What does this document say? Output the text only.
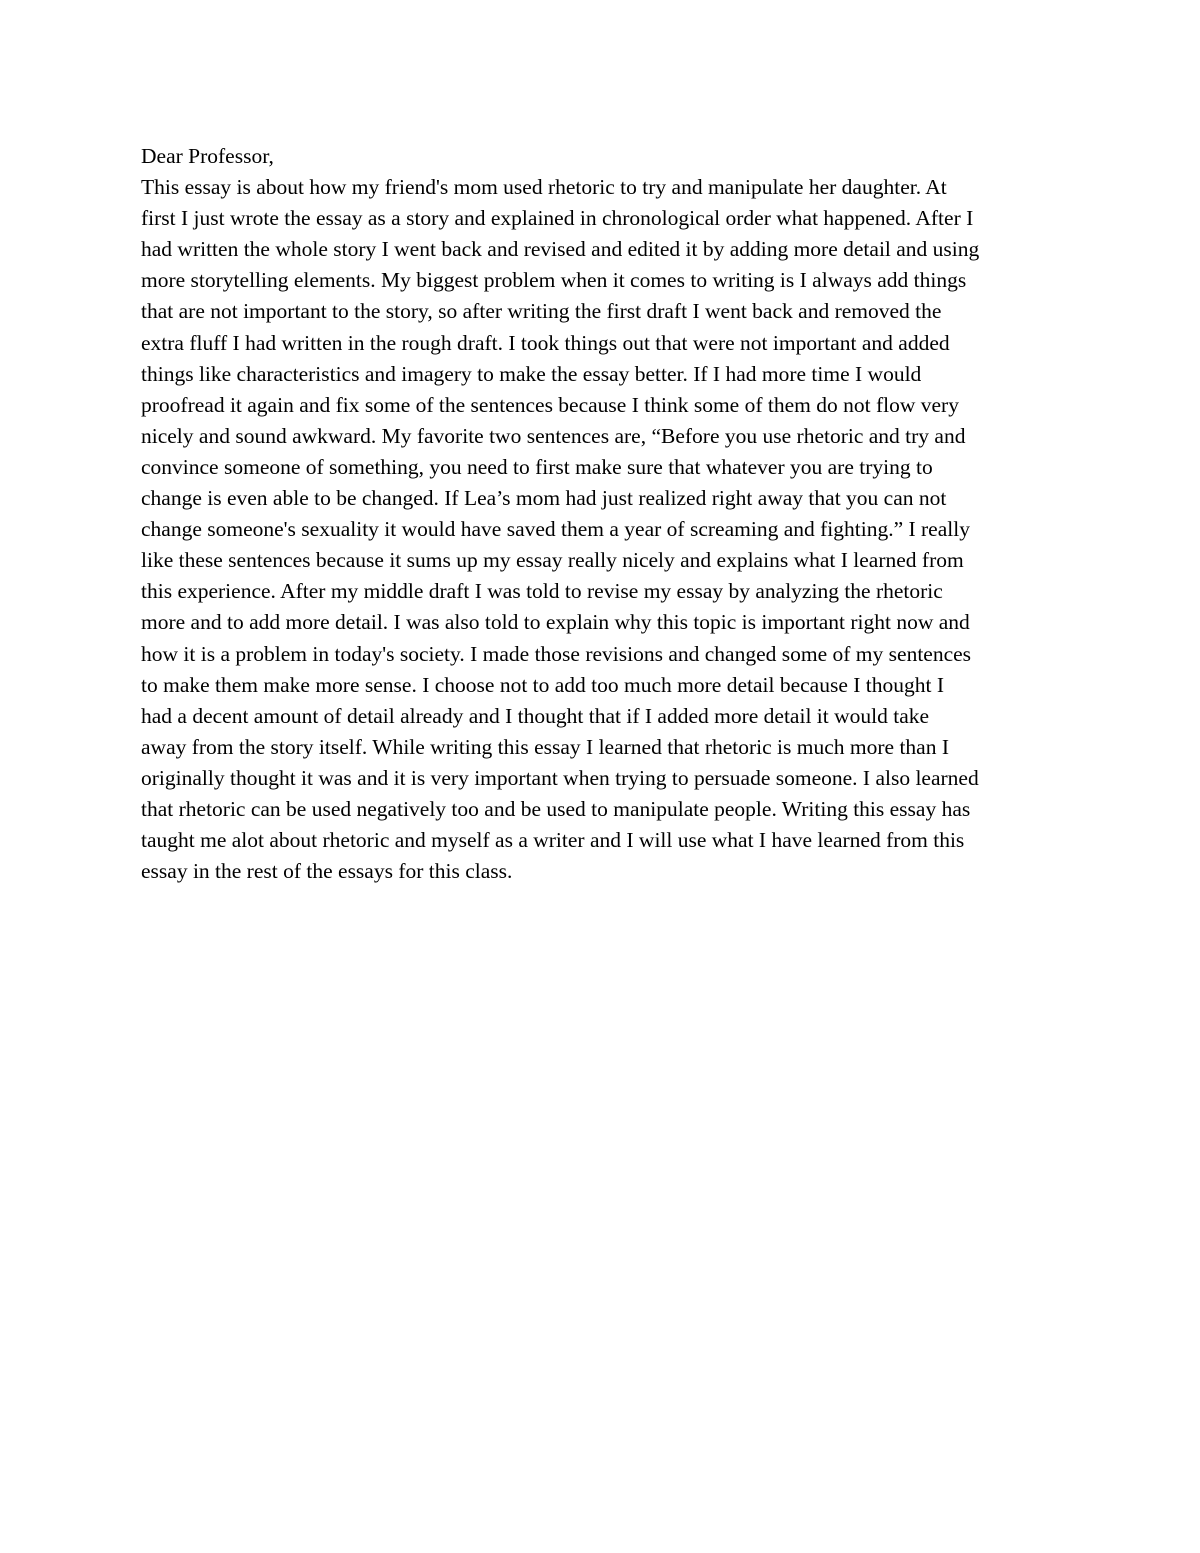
Dear Professor,
This essay is about how my friend's mom used rhetoric to try and manipulate her daughter. At
first I just wrote the essay as a story and explained in chronological order what happened. After I
had written the whole story I went back and revised and edited it by adding more detail and using
more storytelling elements. My biggest problem when it comes to writing is I always add things
that are not important to the story, so after writing the first draft I went back and removed the
extra fluff I had written in the rough draft. I took things out that were not important and added
things like characteristics and imagery to make the essay better. If I had more time I would
proofread it again and fix some of the sentences because I think some of them do not flow very
nicely and sound awkward. My favorite two sentences are, “Before you use rhetoric and try and
convince someone of something, you need to first make sure that whatever you are trying to
change is even able to be changed. If Lea’s mom had just realized right away that you can not
change someone's sexuality it would have saved them a year of screaming and fighting.” I really
like these sentences because it sums up my essay really nicely and explains what I learned from
this experience. After my middle draft I was told to revise my essay by analyzing the rhetoric
more and to add more detail. I was also told to explain why this topic is important right now and
how it is a problem in today's society. I made those revisions and changed some of my sentences
to make them make more sense. I choose not to add too much more detail because I thought I
had a decent amount of detail already and I thought that if I added more detail it would take
away from the story itself. While writing this essay I learned that rhetoric is much more than I
originally thought it was and it is very important when trying to persuade someone. I also learned
that rhetoric can be used negatively too and be used to manipulate people. Writing this essay has
taught me alot about rhetoric and myself as a writer and I will use what I have learned from this
essay in the rest of the essays for this class.
